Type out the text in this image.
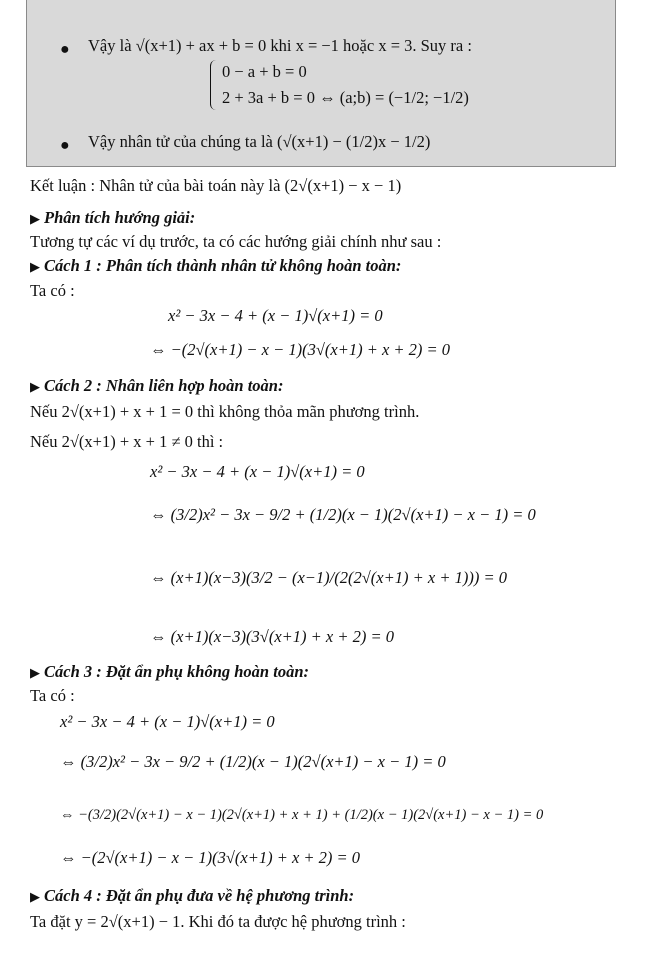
● Vậy là √(x+1) + ax + b = 0 khi x = −1 hoặc x = 3. Suy ra :
0 − a + b = 0
2 + 3a + b = 0 ⇔ (a;b) = (−1/2; −1/2)
● Vậy nhân tử của chúng ta là (√(x+1) − (1/2)x − 1/2)
Kết luận : Nhân tử của bài toán này là (2√(x+1) − x − 1)
▶ Phân tích hướng giải:
Tương tự các ví dụ trước, ta có các hướng giải chính như sau :
▶ Cách 1 : Phân tích thành nhân tử không hoàn toàn:
Ta có :
x² − 3x − 4 + (x − 1)√(x+1) = 0
⇔ −(2√(x+1) − x − 1)(3√(x+1) + x + 2) = 0
▶ Cách 2 : Nhân liên hợp hoàn toàn:
Nếu 2√(x+1) + x + 1 = 0 thì không thỏa mãn phương trình.
Nếu 2√(x+1) + x + 1 ≠ 0 thì :
x² − 3x − 4 + (x − 1)√(x+1) = 0
⇔ (3/2)x² − 3x − 9/2 + (1/2)(x − 1)(2√(x+1) − x − 1) = 0
⇔ (x+1)(x−3)(3/2 − (x−1)/(2(2√(x+1) + x + 1))) = 0
⇔ (x+1)(x−3)(3√(x+1) + x + 2) = 0
▶ Cách 3 : Đặt ẩn phụ không hoàn toàn:
Ta có :
x² − 3x − 4 + (x − 1)√(x+1) = 0
⇔ (3/2)x² − 3x − 9/2 + (1/2)(x − 1)(2√(x+1) − x − 1) = 0
⇔ −(3/2)(2√(x+1) − x − 1)(2√(x+1) + x + 1) + (1/2)(x − 1)(2√(x+1) − x − 1) = 0
⇔ −(2√(x+1) − x − 1)(3√(x+1) + x + 2) = 0
▶ Cách 4 : Đặt ẩn phụ đưa về hệ phương trình:
Ta đặt y = 2√(x+1) − 1. Khi đó ta được hệ phương trình :
